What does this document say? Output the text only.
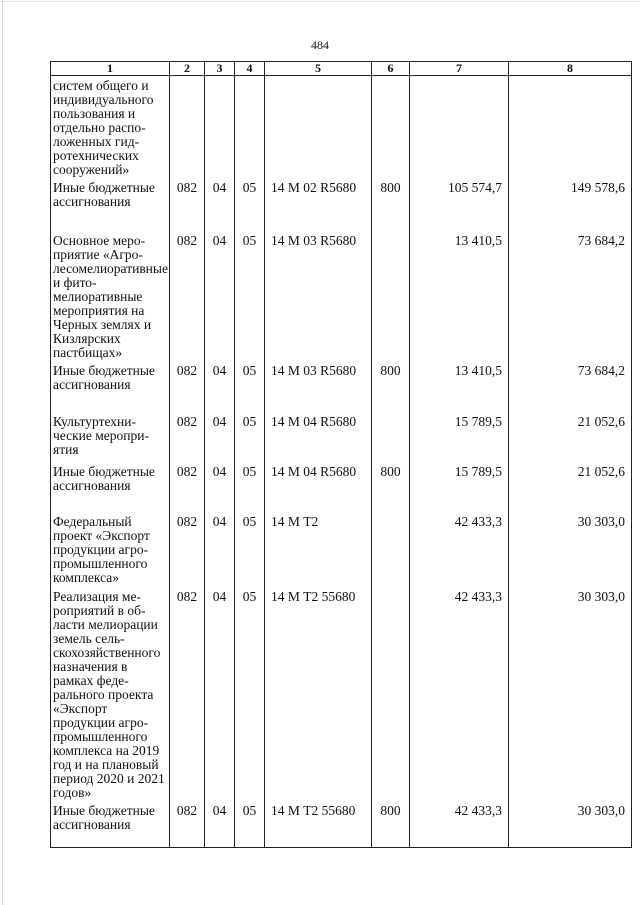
484
1	2	3	4	5	6	7	8
систем общего и индивидуального пользования и отдельно расположенных гидротехнических сооружений»							
Иные бюджетные ассигнования	082	04	05	14 М 02 R5680	800	105 574,7	149 578,6
Основное мероприятие «Агролесомелиоративные и фитомелиоративные мероприятия на Черных землях и Кизлярских пастбищах»	082	04	05	14 М 03 R5680		13 410,5	73 684,2
Иные бюджетные ассигнования	082	04	05	14 М 03 R5680	800	13 410,5	73 684,2
Культуртехнические мероприятия	082	04	05	14 М 04 R5680		15 789,5	21 052,6
Иные бюджетные ассигнования	082	04	05	14 М 04 R5680	800	15 789,5	21 052,6
Федеральный проект «Экспорт продукции агропромышленного комплекса»	082	04	05	14 М Т2		42 433,3	30 303,0
Реализация мероприятий в области мелиорации земель сельскохозяйственного назначения в рамках федерального проекта «Экспорт продукции агропромышленного комплекса на 2019 год и на плановый период 2020 и 2021 годов»	082	04	05	14 М Т2 55680		42 433,3	30 303,0
Иные бюджетные ассигнования	082	04	05	14 М Т2 55680	800	42 433,3	30 303,0
